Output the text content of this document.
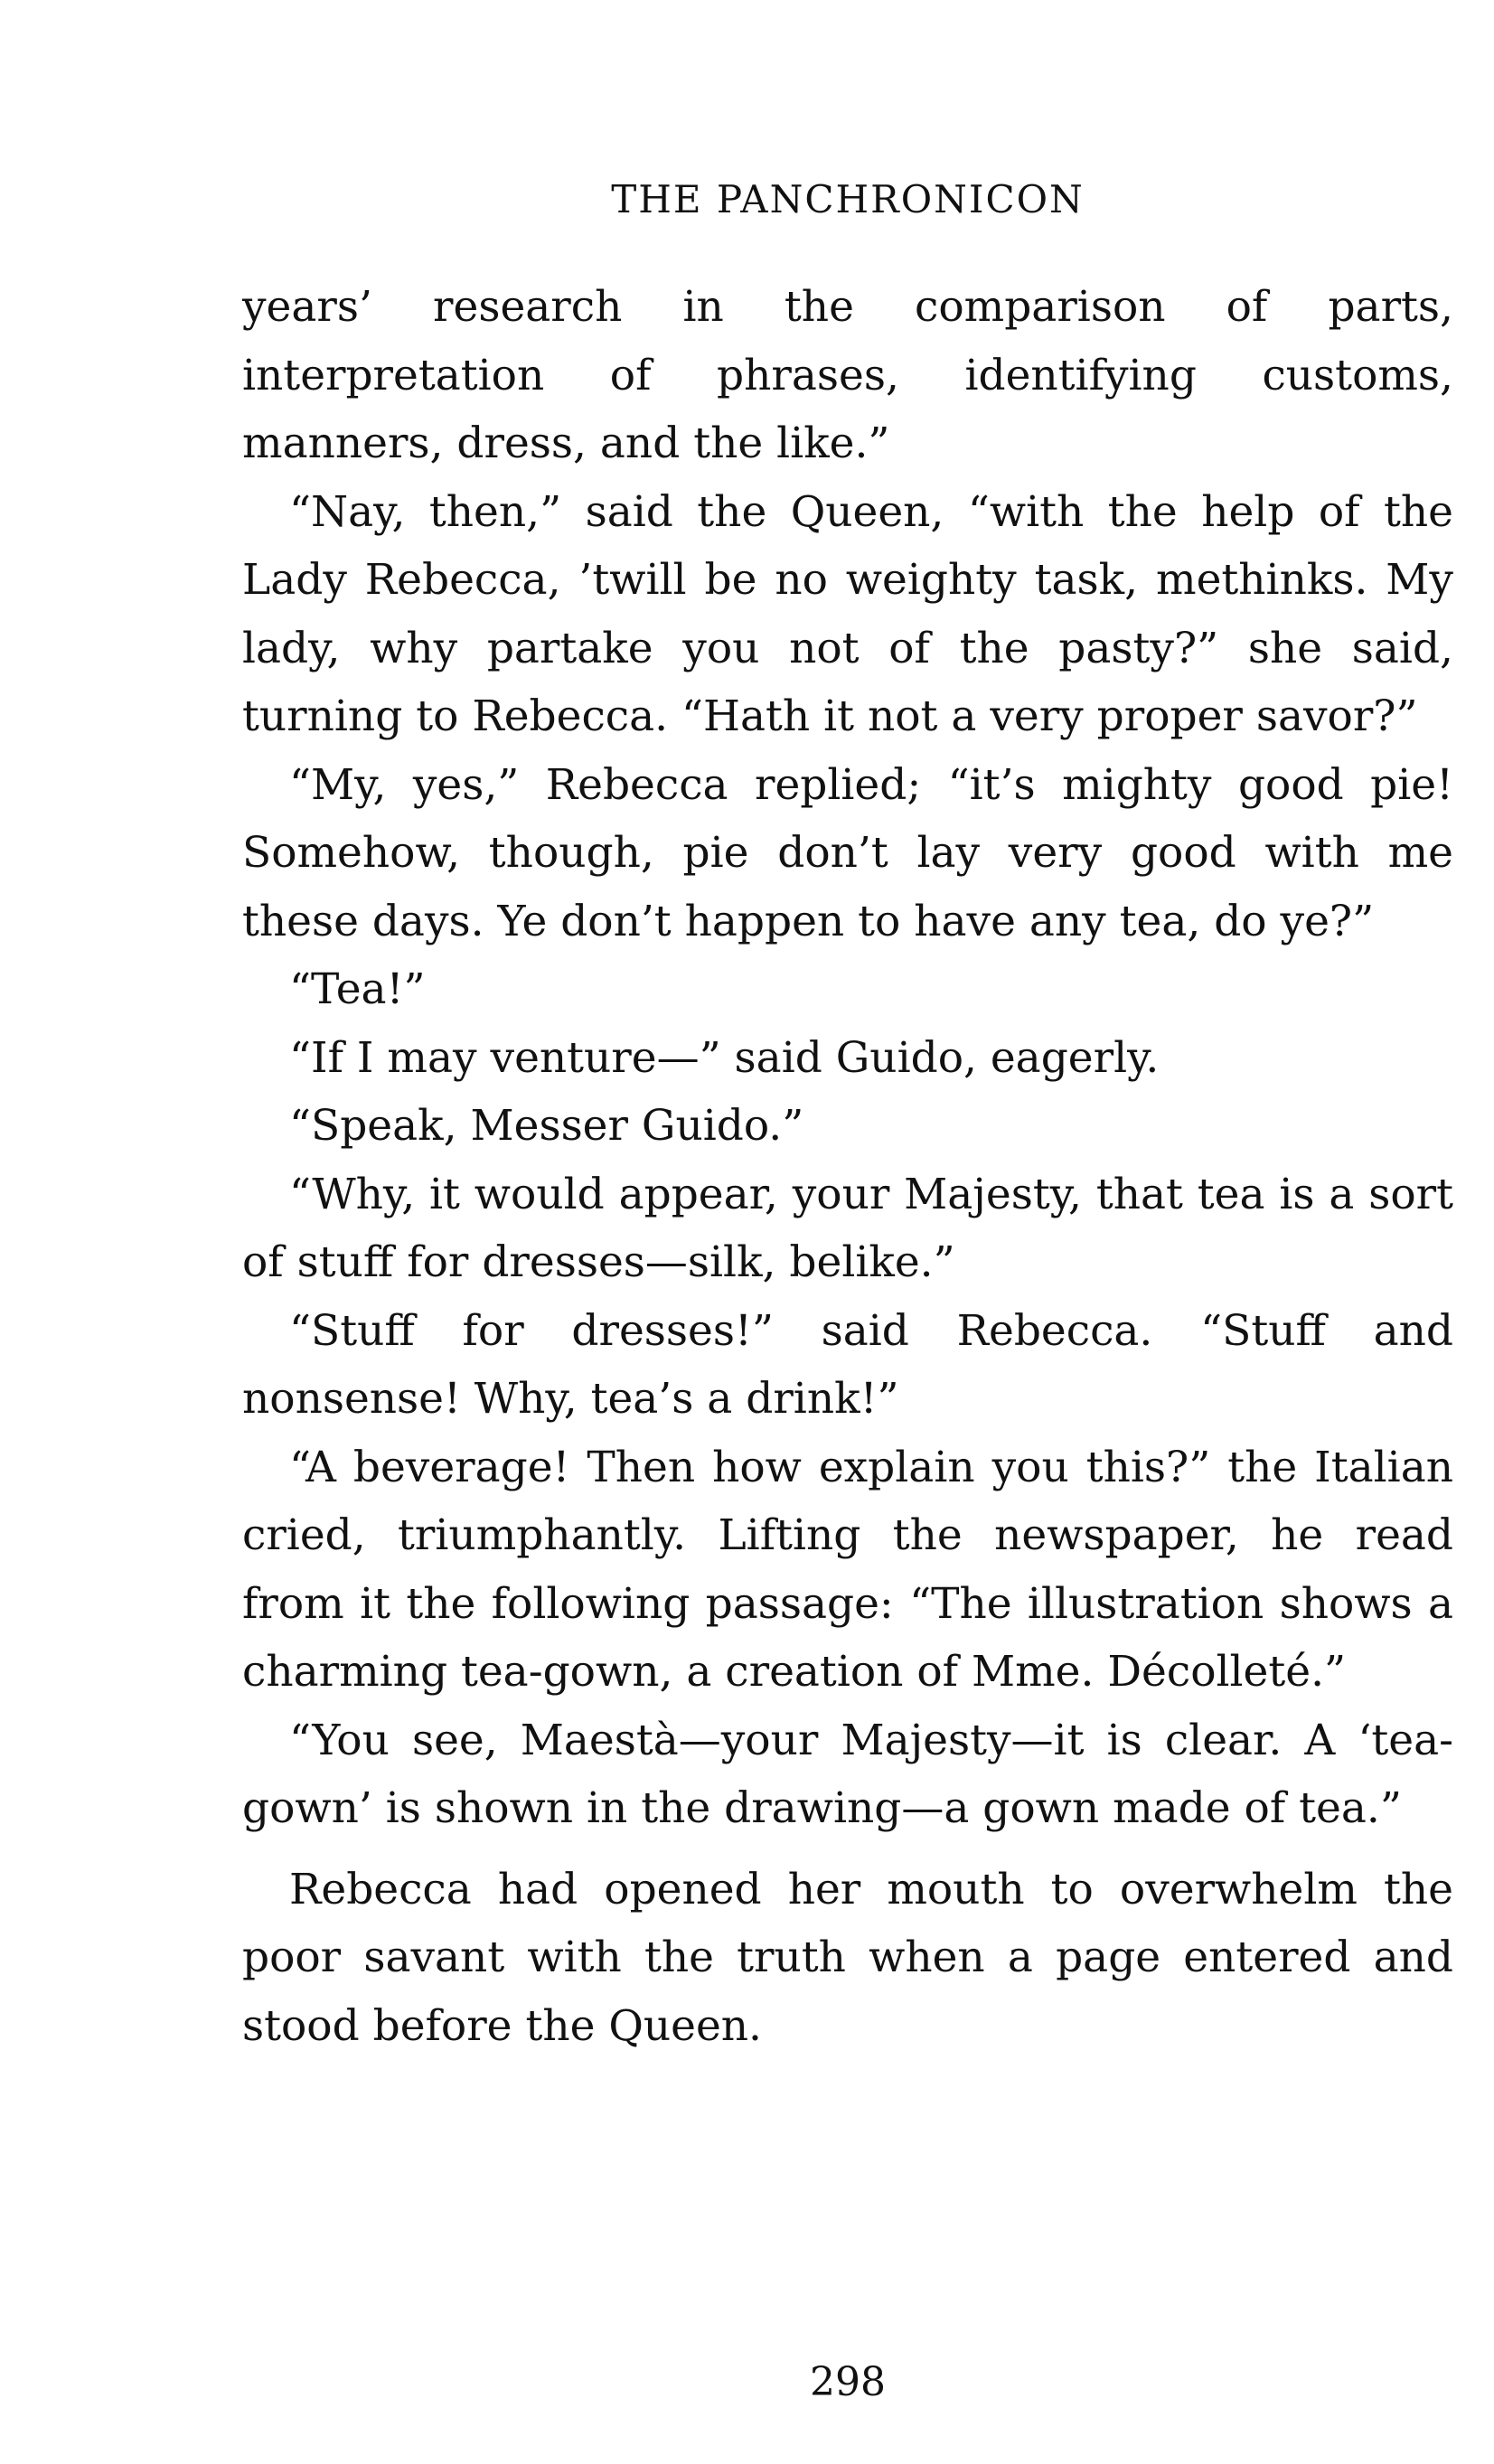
THE PANCHRONICON

years’ research in the comparison of parts, interpretation of phrases, identifying customs, manners, dress, and the like.”

“Nay, then,” said the Queen, “with the help of the Lady Rebecca, ’twill be no weighty task, methinks. My lady, why partake you not of the pasty?” she said, turning to Rebecca. “Hath it not a very proper savor?”

“My, yes,” Rebecca replied; “it’s mighty good pie! Somehow, though, pie don’t lay very good with me these days. Ye don’t happen to have any tea, do ye?”

“Tea!”

“If I may venture—” said Guido, eagerly.

“Speak, Messer Guido.”

“Why, it would appear, your Majesty, that tea is a sort of stuff for dresses—silk, belike.”

“Stuff for dresses!” said Rebecca. “Stuff and nonsense! Why, tea’s a drink!”

“A beverage! Then how explain you this?” the Italian cried, triumphantly. Lifting the newspaper, he read from it the following passage: “The illustration shows a charming tea-gown, a creation of Mme. Décolleté.”

“You see, Maestà—your Majesty—it is clear. A ‘tea-gown’ is shown in the drawing—a gown made of tea.”

Rebecca had opened her mouth to overwhelm the poor savant with the truth when a page entered and stood before the Queen.

298
